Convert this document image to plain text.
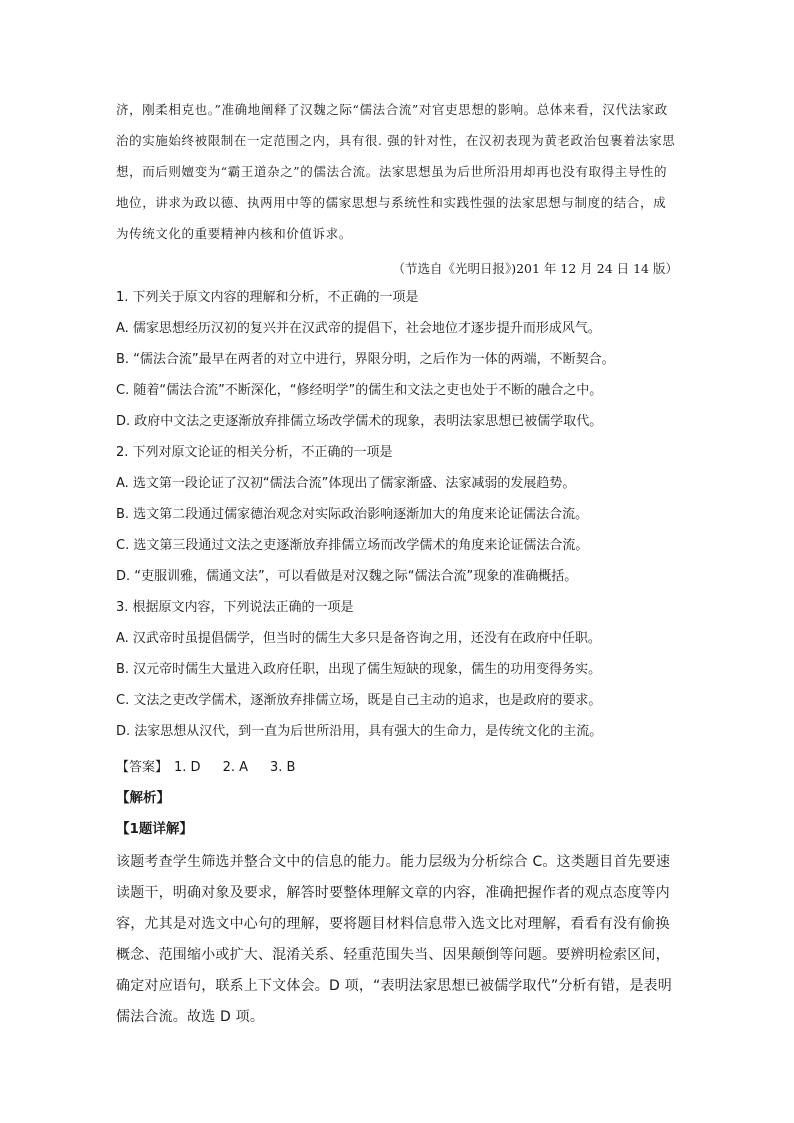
济，刚柔相克也。”准确地阐释了汉魏之际“儒法合流”对官吏思想的影响。总体来看，汉代法家政治的实施始终被限制在一定范围之内，具有很. 强的针对性，在汉初表现为黄老政治包裹着法家思想，而后则嬗变为“霸王道杂之”的儒法合流。法家思想虽为后世所沿用却再也没有取得主导性的地位，讲求为政以德、执两用中等的儒家思想与系统性和实践性强的法家思想与制度的结合，成为传统文化的重要精神内核和价值诉求。

（节选自《光明日报》)201 年 12 月 24 日 14 版）
1. 下列关于原文内容的理解和分析，不正确的一项是
A. 儒家思想经历汉初的复兴并在汉武帝的提倡下，社会地位才逐步提升而形成风气。
B. “儒法合流”最早在两者的对立中进行，界限分明，之后作为一体的两端，不断契合。
C. 随着“儒法合流”不断深化，“修经明学”的儒生和文法之吏也处于不断的融合之中。
D. 政府中文法之吏逐渐放弃排儒立场改学儒术的现象，表明法家思想已被儒学取代。
2. 下列对原文论证的相关分析，不正确的一项是
A. 选文第一段论证了汉初“儒法合流”体现出了儒家渐盛、法家减弱的发展趋势。
B. 选文第二段通过儒家德治观念对实际政治影响逐渐加大的角度来论证儒法合流。
C. 选文第三段通过文法之吏逐渐放弃排儒立场而改学儒术的角度来论证儒法合流。
D. “吏服训雅，儒通文法”，可以看做是对汉魏之际“儒法合流”现象的准确概括。
3. 根据原文内容，下列说法正确的一项是
A. 汉武帝时虽提倡儒学，但当时的儒生大多只是备咨询之用，还没有在政府中任职。
B. 汉元帝时儒生大量进入政府任职，出现了儒生短缺的现象，儒生的功用变得务实。
C. 文法之吏改学儒术，逐渐放弃排儒立场，既是自己主动的追求，也是政府的要求。
D. 法家思想从汉代，到一直为后世所沿用，具有强大的生命力，是传统文化的主流。
【答案】 1. D 2. A 3. B
【解析】
【1题详解】

该题考查学生筛选并整合文中的信息的能力。能力层级为分析综合 C。这类题目首先要速读题干，明确对象及要求，解答时要整体理解文章的内容，准确把握作者的观点态度等内容，尤其是对选文中心句的理解，要将题目材料信息带入选文比对理解，看看有没有偷换概念、范围缩小或扩大、混淆关系、轻重范围失当、因果颠倒等问题。要辨明检索区间，确定对应语句，联系上下文体会。D 项，“表明法家思想已被儒学取代”分析有错，是表明儒法合流。故选 D 项。
